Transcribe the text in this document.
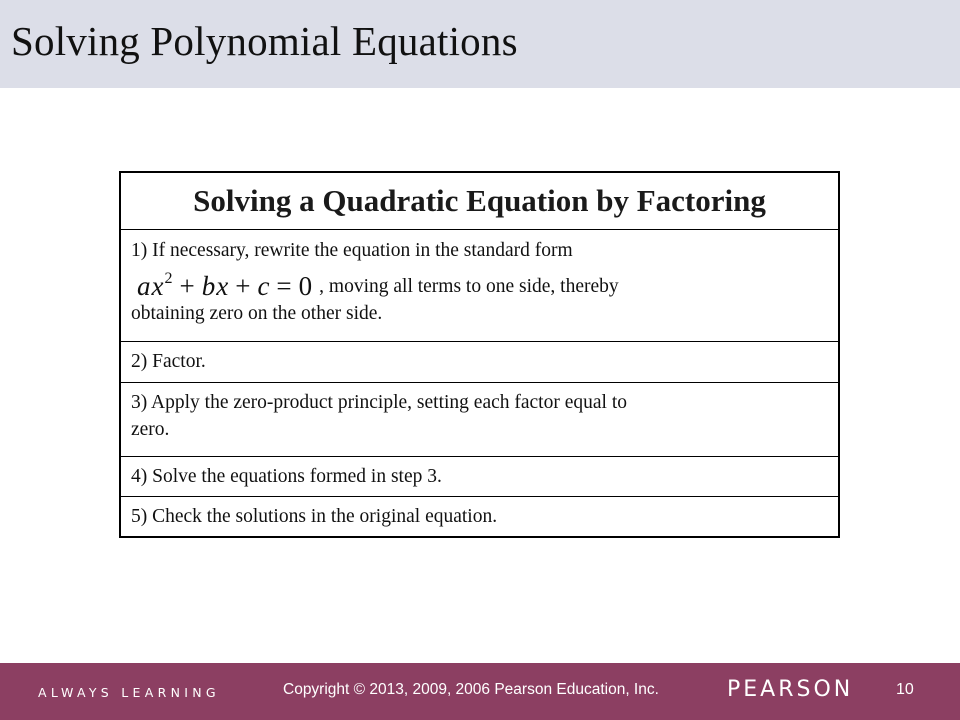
Solving Polynomial Equations
Solving a Quadratic Equation by Factoring
1) If necessary, rewrite the equation in the standard form
$ax^2$ + bx + c = 0 , moving all terms to one side, thereby
obtaining zero on the other side.
2) Factor.
3) Apply the zero-product principle, setting each factor equal to
zero.
4) Solve the equations formed in step 3.
5) Check the solutions in the original equation.
ALWAYS LEARNING	Copyright © 2013, 2009, 2006 Pearson Education, Inc.	PEARSON	10
